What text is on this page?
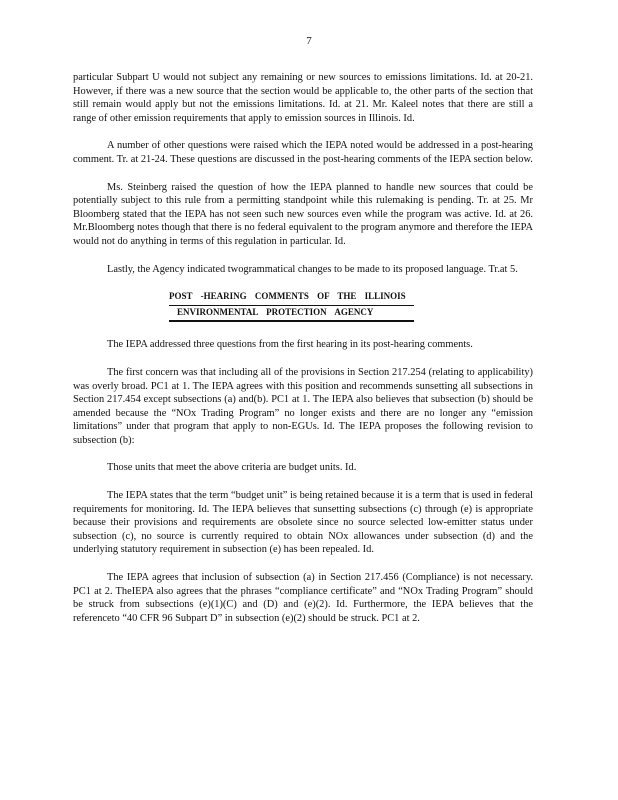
7

particular Subpart U would not subject any remaining or new sources to emissions limitations. Id. at 20-21. However, if there was a new source that the section would be applicable to, the other parts of the section that still remain would apply but not the emissions limitations. Id. at 21. Mr. Kaleel notes that there are still a range of other emission requirements that apply to emission sources in Illinois. Id.

A number of other questions were raised which the IEPA noted would be addressed in a post-hearing comment. Tr. at 21-24. These questions are discussed in the post-hearing comments of the IEPA section below.

Ms. Steinberg raised the question of how the IEPA planned to handle new sources that could be potentially subject to this rule from a permitting standpoint while this rulemaking is pending. Tr. at 25. Mr Bloomberg stated that the IEPA has not seen such new sources even while the program was active. Id. at 26. Mr.Bloomberg notes though that there is no federal equivalent to the program anymore and therefore the IEPA would not do anything in terms of this regulation in particular. Id.

Lastly, the Agency indicated twogrammatical changes to be made to its proposed language. Tr.at 5.

POST -HEARING COMMENTS OF THE ILLINOIS
ENVIRONMENTAL PROTECTION AGENCY

The IEPA addressed three questions from the first hearing in its post-hearing comments.

The first concern was that including all of the provisions in Section 217.254 (relating to applicability) was overly broad. PC1 at 1. The IEPA agrees with this position and recommends sunsetting all subsections in Section 217.454 except subsections (a) and(b). PC1 at 1. The IEPA also believes that subsection (b) should be amended because the “NOx Trading Program” no longer exists and there are no longer any “emission limitations” under that program that apply to non-EGUs. Id. The IEPA proposes the following revision to subsection (b):

Those units that meet the above criteria are budget units. Id.

The IEPA states that the term “budget unit” is being retained because it is a term that is used in federal requirements for monitoring. Id. The IEPA believes that sunsetting subsections (c) through (e) is appropriate because their provisions and requirements are obsolete since no source selected low-emitter status under subsection (c), no source is currently required to obtain NOx allowances under subsection (d) and the underlying statutory requirement in subsection (e) has been repealed. Id.

The IEPA agrees that inclusion of subsection (a) in Section 217.456 (Compliance) is not necessary. PC1 at 2. TheIEPA also agrees that the phrases “compliance certificate” and “NOx Trading Program” should be struck from subsections (e)(1)(C) and (D) and (e)(2). Id. Furthermore, the IEPA believes that the referenceto “40 CFR 96 Subpart D” in subsection (e)(2) should be struck. PC1 at 2.
